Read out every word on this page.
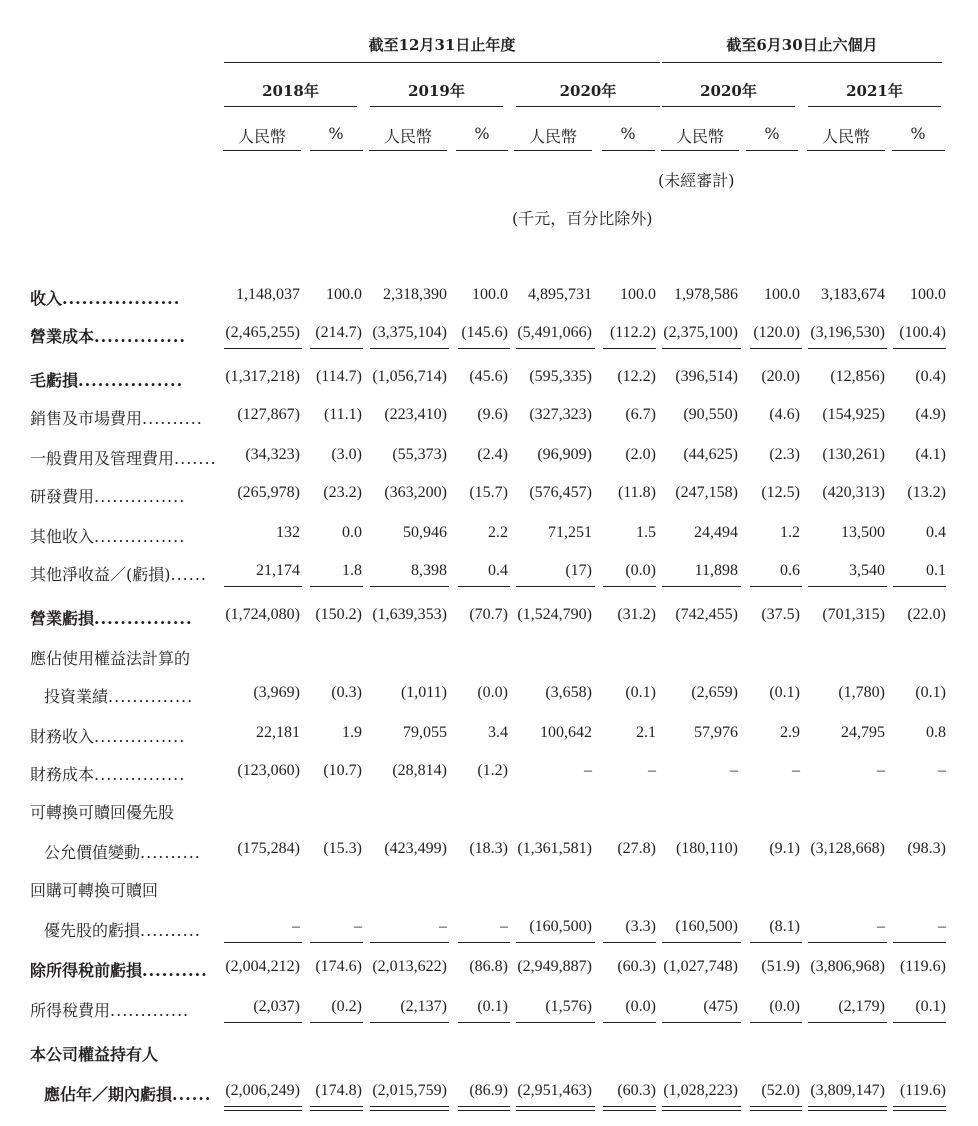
截至12月31日止年度	截至6月30日止六個月
2018年	2019年	2020年	2020年	2021年
人民幣	%	人民幣	%	人民幣	%	人民幣	%	人民幣	%
(未經審計)
(千元，百分比除外)
收入..................	1,148,037	100.0	2,318,390	100.0	4,895,731	100.0	1,978,586	100.0	3,183,674	100.0
營業成本..............	(2,465,255) (214.7) (3,375,104) (145.6) (5,491,066)	(112.2) (2,375,100) (120.0) (3,196,530) (100.4)
毛虧損................	(1,317,218) (114.7) (1,056,714)	(45.6)	(595,335)	(12.2)	(396,514)	(20.0)	(12,856)	(0.4)
銷售及市場費用..........	(127,867)	(11.1)	(223,410)	(9.6)	(327,323)	(6.7)	(90,550)	(4.6)	(154,925)	(4.9)
一般費用及管理費用.......	(34,323)	(3.0)	(55,373)	(2.4)	(96,909)	(2.0)	(44,625)	(2.3)	(130,261)	(4.1)
研發費用...............	(265,978)	(23.2)	(363,200)	(15.7)	(576,457)	(11.8)	(247,158)	(12.5)	(420,313)	(13.2)
其他收入...............	132	0.0	50,946	2.2	71,251	1.5	24,494	1.2	13,500	0.4
其他淨收益／(虧損)......	21,174	1.8	8,398	0.4	(17)	(0.0)	11,898	0.6	3,540	0.1
營業虧損...............	(1,724,080) (150.2) (1,639,353)	(70.7) (1,524,790)	(31.2)	(742,455)	(37.5)	(701,315)	(22.0)
應佔使用權益法計算的
投資業績..............	(3,969)	(0.3)	(1,011)	(0.0)	(3,658)	(0.1)	(2,659)	(0.1)	(1,780)	(0.1)
財務收入...............	22,181	1.9	79,055	3.4	100,642	2.1	57,976	2.9	24,795	0.8
財務成本...............	(123,060)	(10.7)	(28,814)	(1.2)	–	–	–	–	–	–
可轉換可贖回優先股
公允價值變動..........	(175,284)	(15.3)	(423,499)	(18.3) (1,361,581)	(27.8)	(180,110)	(9.1) (3,128,668)	(98.3)
回購可轉換可贖回
優先股的虧損..........	–	–	–	–	(160,500)	(3.3)	(160,500)	(8.1)	–	–
除所得稅前虧損..........	(2,004,212) (174.6) (2,013,622)	(86.8) (2,949,887)	(60.3) (1,027,748)	(51.9) (3,806,968) (119.6)
所得稅費用.............	(2,037)	(0.2)	(2,137)	(0.1)	(1,576)	(0.0)	(475)	(0.0)	(2,179)	(0.1)
本公司權益持有人
應佔年／期內虧損...... (2,006,249) (174.8) (2,015,759)	(86.9) (2,951,463)	(60.3) (1,028,223)	(52.0) (3,809,147) (119.6)
